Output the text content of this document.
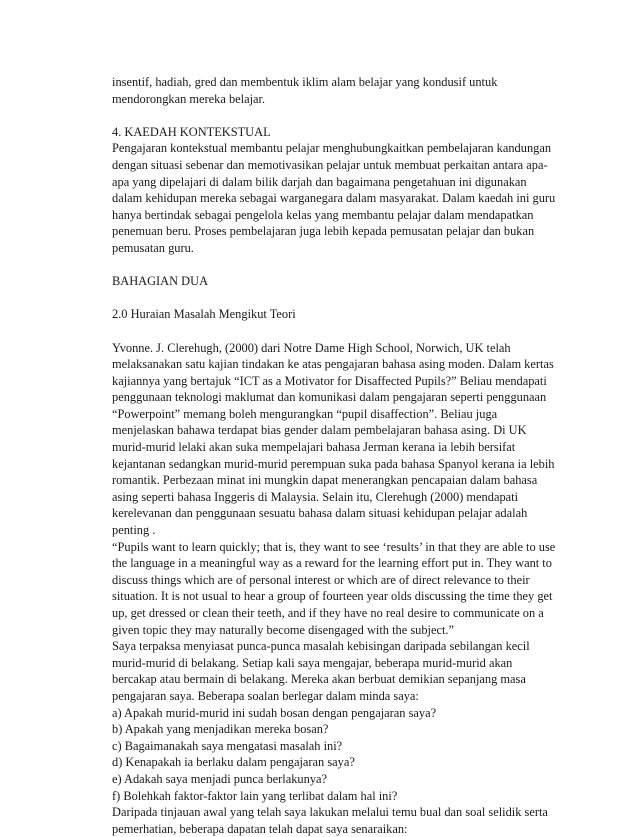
insentif, hadiah, gred dan membentuk iklim alam belajar yang kondusif untuk
mendorongkan mereka belajar.
4. KAEDAH KONTEKSTUAL
Pengajaran kontekstual membantu pelajar menghubungkaitkan pembelajaran kandungan
dengan situasi sebenar dan memotivasikan pelajar untuk membuat perkaitan antara apa-
apa yang dipelajari di dalam bilik darjah dan bagaimana pengetahuan ini digunakan
dalam kehidupan mereka sebagai warganegara dalam masyarakat. Dalam kaedah ini guru
hanya bertindak sebagai pengelola kelas yang membantu pelajar dalam mendapatkan
penemuan beru. Proses pembelajaran juga lebih kepada pemusatan pelajar dan bukan
pemusatan guru.
BAHAGIAN DUA
2.0 Huraian Masalah Mengikut Teori
Yvonne. J. Clerehugh, (2000) dari Notre Dame High School, Norwich, UK telah
melaksanakan satu kajian tindakan ke atas pengajaran bahasa asing moden. Dalam kertas
kajiannya yang bertajuk “ICT as a Motivator for Disaffected Pupils?” Beliau mendapati
penggunaan teknologi maklumat dan komunikasi dalam pengajaran seperti penggunaan
“Powerpoint” memang boleh mengurangkan “pupil disaffection”. Beliau juga
menjelaskan bahawa terdapat bias gender dalam pembelajaran bahasa asing. Di UK
murid-murid lelaki akan suka mempelajari bahasa Jerman kerana ia lebih bersifat
kejantanan sedangkan murid-murid perempuan suka pada bahasa Spanyol kerana ia lebih
romantik. Perbezaan minat ini mungkin dapat menerangkan pencapaian dalam bahasa
asing seperti bahasa Inggeris di Malaysia. Selain itu, Clerehugh (2000) mendapati
kerelevanan dan penggunaan sesuatu bahasa dalam situasi kehidupan pelajar adalah
penting .
“Pupils want to learn quickly; that is, they want to see ‘results’ in that they are able to use
the language in a meaningful way as a reward for the learning effort put in. They want to
discuss things which are of personal interest or which are of direct relevance to their
situation. It is not usual to hear a group of fourteen year olds discussing the time they get
up, get dressed or clean their teeth, and if they have no real desire to communicate on a
given topic they may naturally become disengaged with the subject.”
Saya terpaksa menyiasat punca-punca masalah kebisingan daripada sebilangan kecil
murid-murid di belakang. Setiap kali saya mengajar, beberapa murid-murid akan
bercakap atau bermain di belakang. Mereka akan berbuat demikian sepanjang masa
pengajaran saya. Beberapa soalan berlegar dalam minda saya:
a) Apakah murid-murid ini sudah bosan dengan pengajaran saya?
b) Apakah yang menjadikan mereka bosan?
c) Bagaimanakah saya mengatasi masalah ini?
d) Kenapakah ia berlaku dalam pengajaran saya?
e) Adakah saya menjadi punca berlakunya?
f) Bolehkah faktor-faktor lain yang terlibat dalam hal ini?
Daripada tinjauan awal yang telah saya lakukan melalui temu bual dan soal selidik serta
pemerhatian, beberapa dapatan telah dapat saya senaraikan:
